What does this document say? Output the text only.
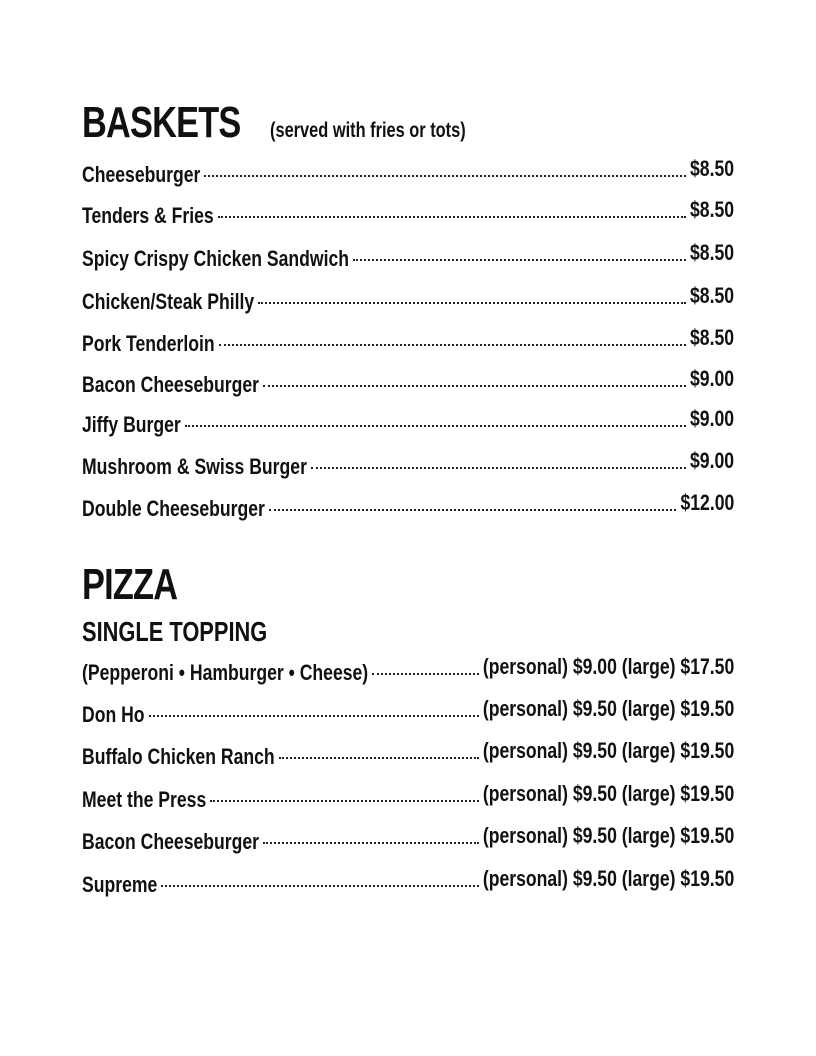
BASKETS (served with fries or tots)
Cheeseburger	$8.50
Tenders & Fries	$8.50
Spicy Crispy Chicken Sandwich	$8.50
Chicken/Steak Philly	$8.50
Pork Tenderloin	$8.50
Bacon Cheeseburger	$9.00
Jiffy Burger	$9.00
Mushroom & Swiss Burger	$9.00
Double Cheeseburger	$12.00
PIZZA
SINGLE TOPPING
(Pepperoni • Hamburger • Cheese)	(personal) $9.00 (large) $17.50
Don Ho	(personal) $9.50 (large) $19.50
Buffalo Chicken Ranch	(personal) $9.50 (large) $19.50
Meet the Press	(personal) $9.50 (large) $19.50
Bacon Cheeseburger	(personal) $9.50 (large) $19.50
Supreme	(personal) $9.50 (large) $19.50
